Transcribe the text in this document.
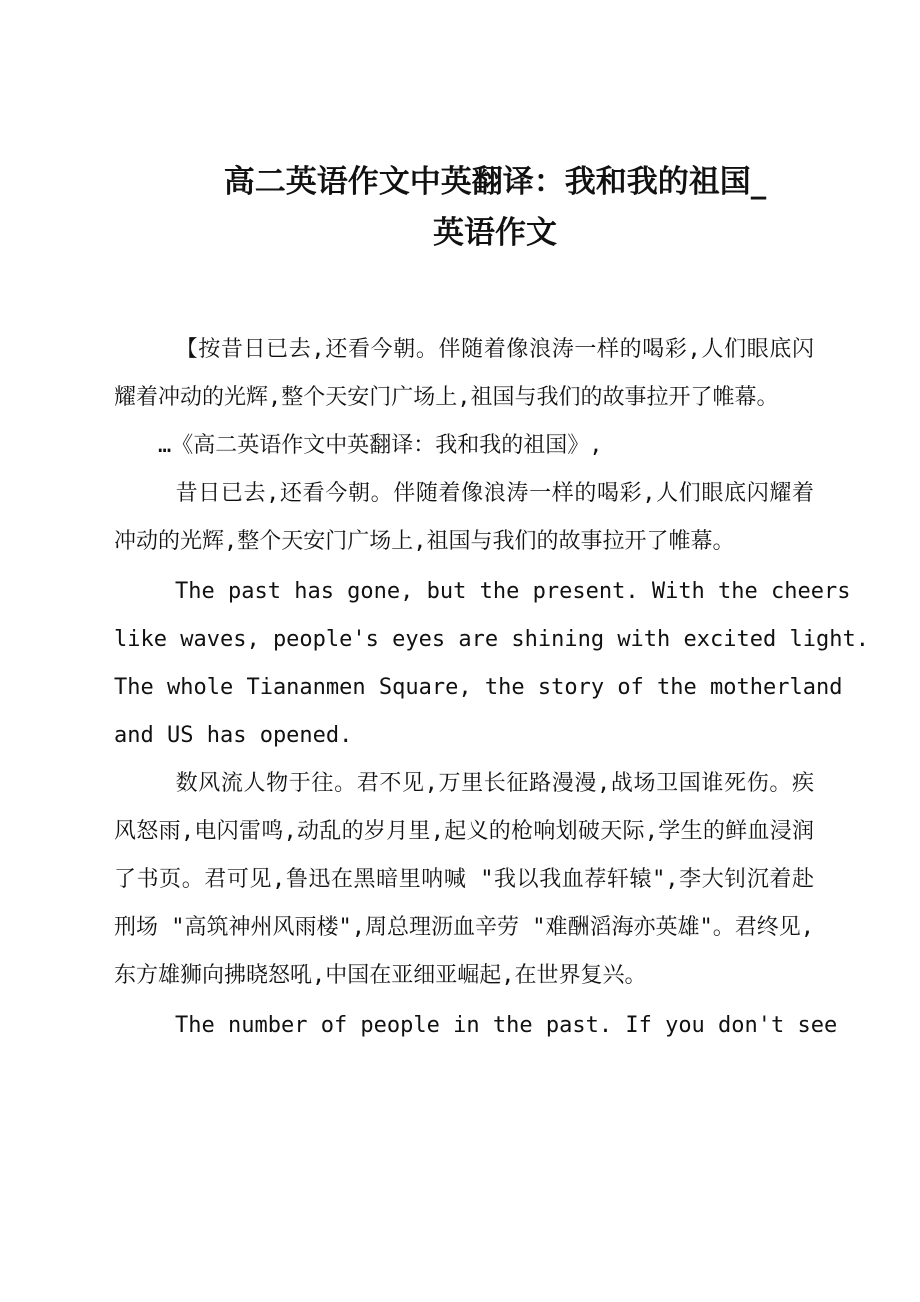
高二英语作文中英翻译：我和我的祖国_
英语作文

【按昔日已去,还看今朝。伴随着像浪涛一样的喝彩,人们眼底闪耀着冲动的光辉,整个天安门广场上,祖国与我们的故事拉开了帷幕。

…《高二英语作文中英翻译：我和我的祖国》,

昔日已去,还看今朝。伴随着像浪涛一样的喝彩,人们眼底闪耀着冲动的光辉,整个天安门广场上,祖国与我们的故事拉开了帷幕。

The past has gone, but the present. With the cheers
like waves, people's eyes are shining with excited light.
The whole Tiananmen Square, the story of the motherland
and US has opened.

数风流人物于往。君不见,万里长征路漫漫,战场卫国谁死伤。疾风怒雨,电闪雷鸣,动乱的岁月里,起义的枪响划破天际,学生的鲜血浸润了书页。君可见,鲁迅在黑暗里呐喊 "我以我血荐轩辕",李大钊沉着赴刑场 "高筑神州风雨楼",周总理沥血辛劳 "难酬滔海亦英雄"。君终见,东方雄狮向拂晓怒吼,中国在亚细亚崛起,在世界复兴。

The number of people in the past. If you don't see
